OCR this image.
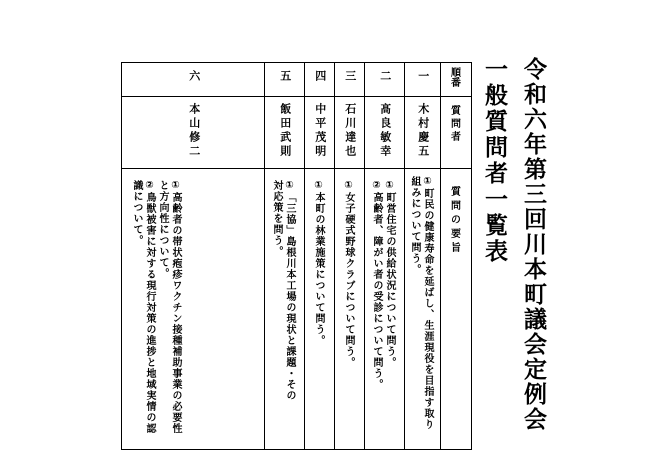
令和六年第三回川本町議会定例会
一般質問者一覧表
順番
質問者
質問の要旨
一
木村慶五
①町民の健康寿命を延ばし、生涯現役を目指す取り組みについて問う。
二
髙良敏幸
①町営住宅の供給状況について問う。
②高齢者、障がい者の受診について問う。
三
石川達也
①女子硬式野球クラブについて問う。
四
中平茂明
①本町の林業施策について問う。
五
飯田武則
①「三協」島根川本工場の現状と課題・その対応策を問う。
六
本山修二
①高齢者の帯状疱疹ワクチン接種補助事業の必要性と方向性について。
②鳥獣被害に対する現行対策の進捗と地域実情の認識について。
